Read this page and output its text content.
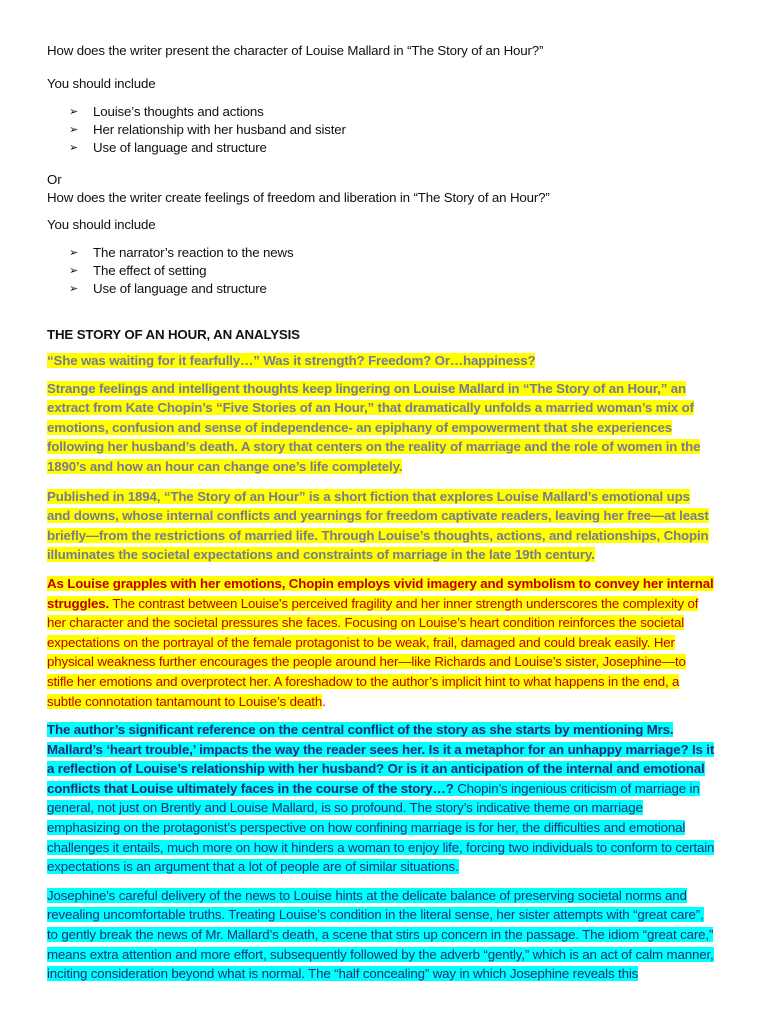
How does the writer present the character of Louise Mallard in “The Story of an Hour?”

You should include

➢ Louise’s thoughts and actions
➢ Her relationship with her husband and sister
➢ Use of language and structure

Or

How does the writer create feelings of freedom and liberation in “The Story of an Hour?”

You should include

➢ The narrator’s reaction to the news
➢ The effect of setting
➢ Use of language and structure

THE STORY OF AN HOUR, AN ANALYSIS

“She was waiting for it fearfully…” Was it strength? Freedom? Or…happiness?

Strange feelings and intelligent thoughts keep lingering on Louise Mallard in “The Story of an Hour,” an extract from Kate Chopin’s “Five Stories of an Hour,” that dramatically unfolds a married woman’s mix of emotions, confusion and sense of independence- an epiphany of empowerment that she experiences following her husband’s death. A story that centers on the reality of marriage and the role of women in the 1890’s and how an hour can change one’s life completely.

Published in 1894, “The Story of an Hour” is a short fiction that explores Louise Mallard’s emotional ups and downs, whose internal conflicts and yearnings for freedom captivate readers, leaving her free—at least briefly—from the restrictions of married life. Through Louise’s thoughts, actions, and relationships, Chopin illuminates the societal expectations and constraints of marriage in the late 19th century.

As Louise grapples with her emotions, Chopin employs vivid imagery and symbolism to convey her internal struggles. The contrast between Louise's perceived fragility and her inner strength underscores the complexity of her character and the societal pressures she faces. Focusing on Louise’s heart condition reinforces the societal expectations on the portrayal of the female protagonist to be weak, frail, damaged and could break easily. Her physical weakness further encourages the people around her—like Richards and Louise’s sister, Josephine—to stifle her emotions and overprotect her. A foreshadow to the author’s implicit hint to what happens in the end, a subtle connotation tantamount to Louise’s death.

The author’s significant reference on the central conflict of the story as she starts by mentioning Mrs. Mallard’s ‘heart trouble,’ impacts the way the reader sees her. Is it a metaphor for an unhappy marriage? Is it a reflection of Louise’s relationship with her husband? Or is it an anticipation of the internal and emotional conflicts that Louise ultimately faces in the course of the story…? Chopin’s ingenious criticism of marriage in general, not just on Brently and Louise Mallard, is so profound. The story’s indicative theme on marriage emphasizing on the protagonist’s perspective on how confining marriage is for her, the difficulties and emotional challenges it entails, much more on how it hinders a woman to enjoy life, forcing two individuals to conform to certain expectations is an argument that a lot of people are of similar situations.

Josephine's careful delivery of the news to Louise hints at the delicate balance of preserving societal norms and revealing uncomfortable truths. Treating Louise’s condition in the literal sense, her sister attempts with “great care”, to gently break the news of Mr. Mallard’s death, a scene that stirs up concern in the passage. The idiom “great care,” means extra attention and more effort, subsequently followed by the adverb “gently,” which is an act of calm manner, inciting consideration beyond what is normal. The “half concealing” way in which Josephine reveals this
